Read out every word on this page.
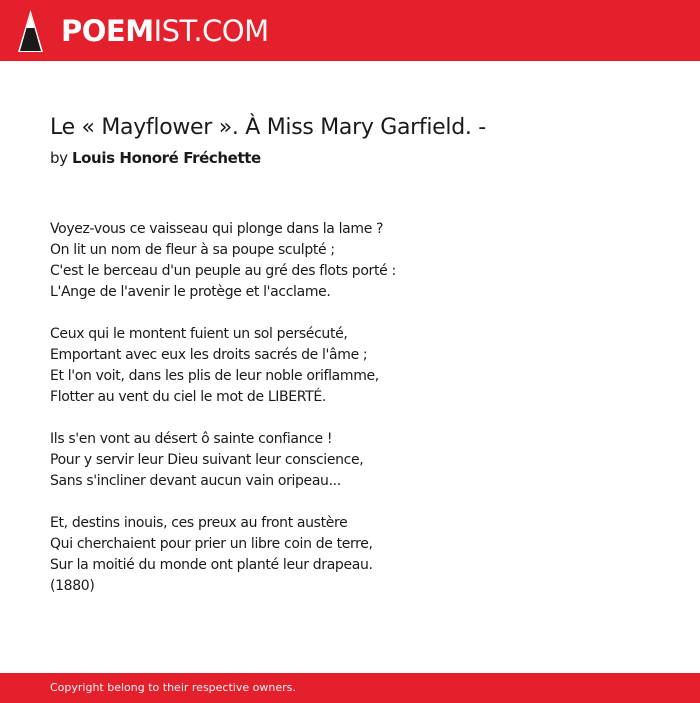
POEMIST.COM
Le « Mayflower ». À Miss Mary Garfield. -
by Louis Honoré Fréchette

Voyez-vous ce vaisseau qui plonge dans la lame ?
On lit un nom de fleur à sa poupe sculpté ;
C'est le berceau d'un peuple au gré des flots porté :
L'Ange de l'avenir le protège et l'acclame.

Ceux qui le montent fuient un sol persécuté,
Emportant avec eux les droits sacrés de l'âme ;
Et l'on voit, dans les plis de leur noble oriflamme,
Flotter au vent du ciel le mot de LIBERTÉ.

Ils s'en vont au désert ô sainte confiance !
Pour y servir leur Dieu suivant leur conscience,
Sans s'incliner devant aucun vain oripeau...

Et, destins inouis, ces preux au front austère
Qui cherchaient pour prier un libre coin de terre,
Sur la moitié du monde ont planté leur drapeau.
(1880)

Copyright belong to their respective owners.
